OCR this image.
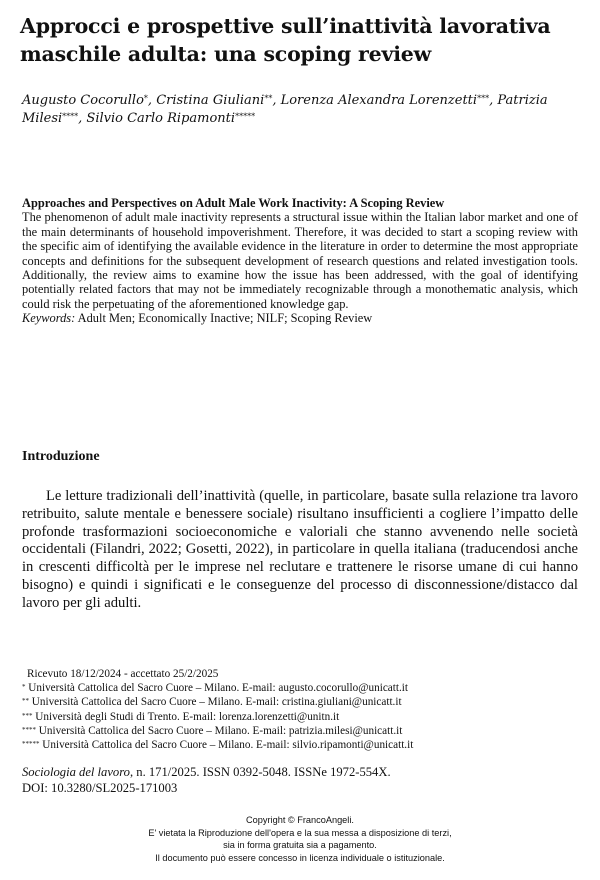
Approcci e prospettive sull’inattività lavorativa maschile adulta: una scoping review
Augusto Cocorullo*, Cristina Giuliani**, Lorenza Alexandra Lorenzetti***, Patrizia Milesi****, Silvio Carlo Ripamonti*****
Approaches and Perspectives on Adult Male Work Inactivity: A Scoping Review
The phenomenon of adult male inactivity represents a structural issue within the Italian labor market and one of the main determinants of household impoverishment. Therefore, it was decided to start a scoping review with the specific aim of identifying the available evidence in the literature in order to determine the most appropriate concepts and definitions for the subsequent development of research questions and related investigation tools. Additionally, the review aims to examine how the issue has been addressed, with the goal of identifying potentially related factors that may not be immediately recognizable through a monothematic analysis, which could risk the perpetuating of the aforementioned knowledge gap.
Keywords: Adult Men; Economically Inactive; NILF; Scoping Review
Introduzione

Le letture tradizionali dell’inattività (quelle, in particolare, basate sulla relazione tra lavoro retribuito, salute mentale e benessere sociale) risultano insufficienti a cogliere l’impatto delle profonde trasformazioni socioeconomiche e valoriali che stanno avvenendo nelle società occidentali (Filandri, 2022; Gosetti, 2022), in particolare in quella italiana (traducendosi anche in crescenti difficoltà per le imprese nel reclutare e trattenere le risorse umane di cui hanno bisogno) e quindi i significati e le conseguenze del processo di disconnessione/distacco dal lavoro per gli adulti.

Ricevuto 18/12/2024 - accettato 25/2/2025
* Università Cattolica del Sacro Cuore – Milano. E-mail: augusto.cocorullo@unicatt.it
** Università Cattolica del Sacro Cuore – Milano. E-mail: cristina.giuliani@unicatt.it
*** Università degli Studi di Trento. E-mail: lorenza.lorenzetti@unitn.it
**** Università Cattolica del Sacro Cuore – Milano. E-mail: patrizia.milesi@unicatt.it
***** Università Cattolica del Sacro Cuore – Milano. E-mail: silvio.ripamonti@unicatt.it
Sociologia del lavoro, n. 171/2025. ISSN 0392-5048. ISSNe 1972-554X.
DOI: 10.3280/SL2025-171003
Copyright © FrancoAngeli.
E' vietata la Riproduzione dell'opera e la sua messa a disposizione di terzi,
sia in forma gratuita sia a pagamento.
Il documento può essere concesso in licenza individuale o istituzionale.
